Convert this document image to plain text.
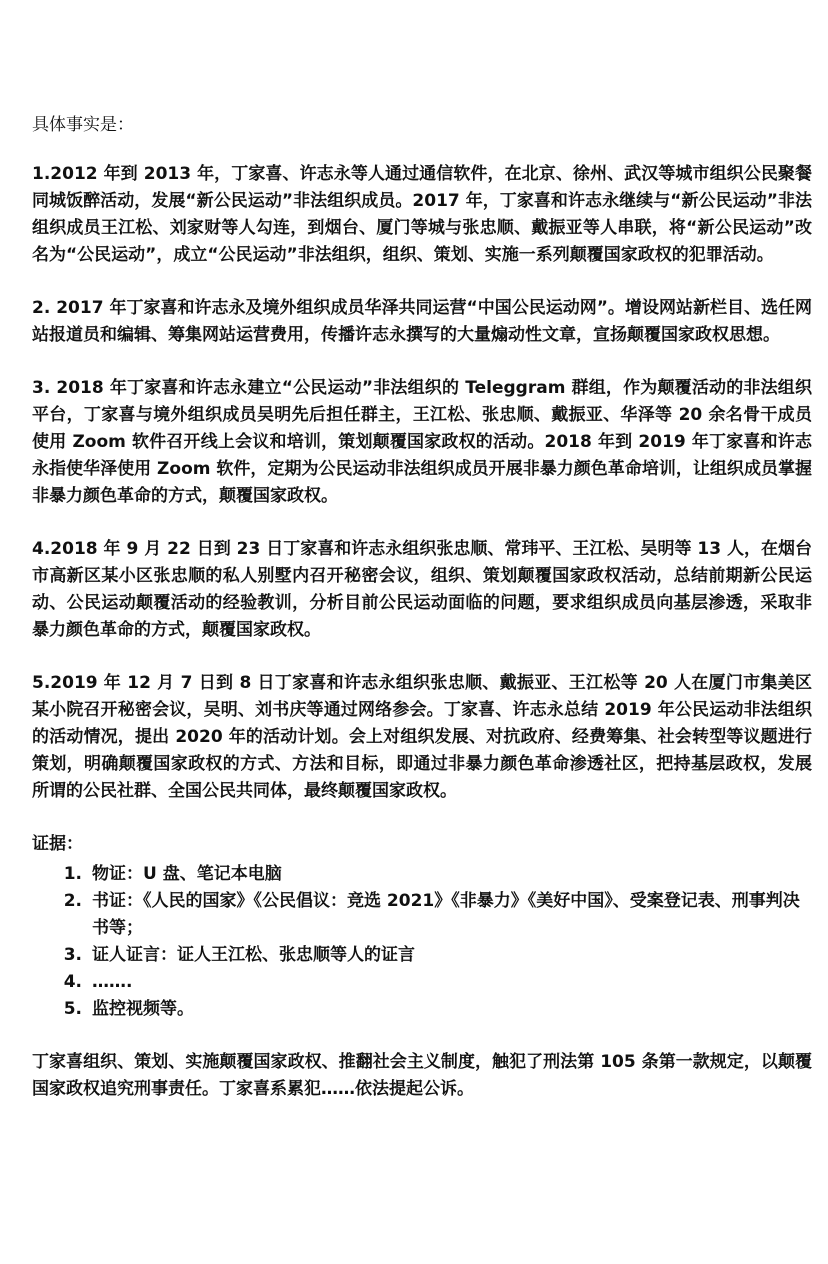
具体事实是：

1.2012 年到 2013 年，丁家喜、许志永等人通过通信软件，在北京、徐州、武汉等城市组织公民聚餐同城饭醉活动，发展“新公民运动”非法组织成员。2017 年，丁家喜和许志永继续与“新公民运动”非法组织成员王江松、刘家财等人勾连，到烟台、厦门等城与张忠顺、戴振亚等人串联，将“新公民运动”改名为“公民运动”，成立“公民运动”非法组织，组织、策划、实施一系列颠覆国家政权的犯罪活动。

2. 2017 年丁家喜和许志永及境外组织成员华泽共同运营“中国公民运动网”。增设网站新栏目、选任网站报道员和编辑、筹集网站运营费用，传播许志永撰写的大量煽动性文章，宣扬颠覆国家政权思想。

3. 2018 年丁家喜和许志永建立“公民运动”非法组织的 Teleggram 群组，作为颠覆活动的非法组织平台，丁家喜与境外组织成员吴明先后担任群主，王江松、张忠顺、戴振亚、华泽等 20 余名骨干成员使用 Zoom 软件召开线上会议和培训，策划颠覆国家政权的活动。2018 年到 2019 年丁家喜和许志永指使华泽使用 Zoom 软件，定期为公民运动非法组织成员开展非暴力颜色革命培训，让组织成员掌握非暴力颜色革命的方式，颠覆国家政权。

4.2018 年 9 月 22 日到 23 日丁家喜和许志永组织张忠顺、常玮平、王江松、吴明等 13 人，在烟台市高新区某小区张忠顺的私人别墅内召开秘密会议，组织、策划颠覆国家政权活动，总结前期新公民运动、公民运动颠覆活动的经验教训，分析目前公民运动面临的问题，要求组织成员向基层渗透，采取非暴力颜色革命的方式，颠覆国家政权。

5.2019 年 12 月 7 日到 8 日丁家喜和许志永组织张忠顺、戴振亚、王江松等 20 人在厦门市集美区某小院召开秘密会议，吴明、刘书庆等通过网络参会。丁家喜、许志永总结 2019 年公民运动非法组织的活动情况，提出 2020 年的活动计划。会上对组织发展、对抗政府、经费筹集、社会转型等议题进行策划，明确颠覆国家政权的方式、方法和目标，即通过非暴力颜色革命渗透社区，把持基层政权，发展所谓的公民社群、全国公民共同体，最终颠覆国家政权。

证据：

1. 物证：U 盘、笔记本电脑
2. 书证：《人民的国家》《公民倡议：竞选 2021》《非暴力》《美好中国》、受案登记表、刑事判决书等；
3. 证人证言：证人王江松、张忠顺等人的证言
4. …….
5. 监控视频等。

丁家喜组织、策划、实施颠覆国家政权、推翻社会主义制度，触犯了刑法第 105 条第一款规定，以颠覆国家政权追究刑事责任。丁家喜系累犯……依法提起公诉。
